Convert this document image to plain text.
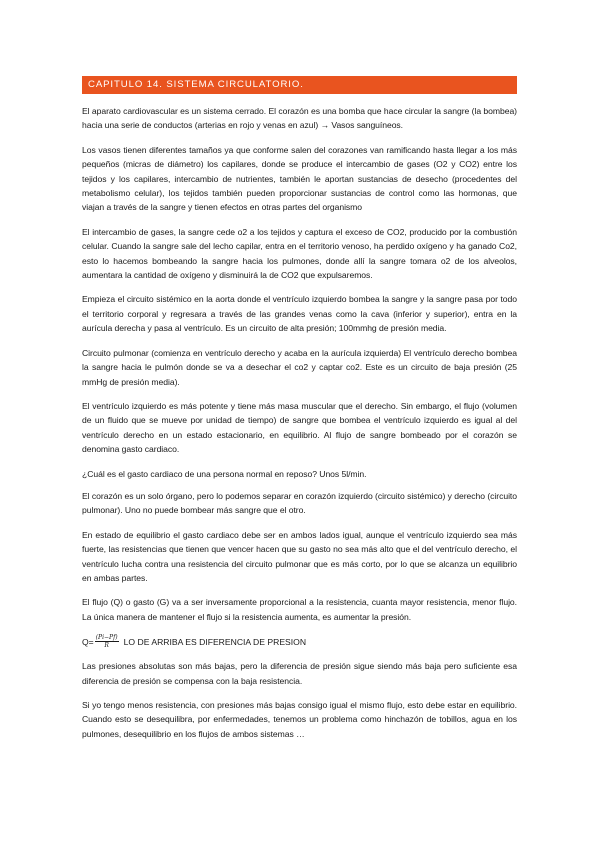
CAPITULO 14. SISTEMA CIRCULATORIO.

El aparato cardiovascular es un sistema cerrado. El corazón es una bomba que hace circular la sangre (la bombea) hacia una serie de conductos (arterias en rojo y venas en azul) → Vasos sanguíneos.

Los vasos tienen diferentes tamaños ya que conforme salen del corazones van ramificando hasta llegar a los más pequeños (micras de diámetro) los capilares, donde se produce el intercambio de gases (O2 y CO2) entre los tejidos y los capilares, intercambio de nutrientes, también le aportan sustancias de desecho (procedentes del metabolismo celular), los tejidos también pueden proporcionar sustancias de control como las hormonas, que viajan a través de la sangre y tienen efectos en otras partes del organismo

El intercambio de gases, la sangre cede o2 a los tejidos y captura el exceso de CO2, producido por la combustión celular. Cuando la sangre sale del lecho capilar, entra en el territorio venoso, ha perdido oxígeno y ha ganado Co2, esto lo hacemos bombeando la sangre hacia los pulmones, donde allí la sangre tomara o2 de los alveolos, aumentara la cantidad de oxígeno y disminuirá la de CO2 que expulsaremos.

Empieza el circuito sistémico en la aorta donde el ventrículo izquierdo bombea la sangre y la sangre pasa por todo el territorio corporal y regresara a través de las grandes venas como la cava (inferior y superior), entra en la aurícula derecha y pasa al ventrículo. Es un circuito de alta presión; 100mmhg de presión media.

Circuito pulmonar (comienza en ventrículo derecho y acaba en la aurícula izquierda) El ventrículo derecho bombea la sangre hacia le pulmón donde se va a desechar el co2 y captar co2. Este es un circuito de baja presión (25 mmHg de presión media).

El ventrículo izquierdo es más potente y tiene más masa muscular que el derecho. Sin embargo, el flujo (volumen de un fluido que se mueve por unidad de tiempo) de sangre que bombea el ventrículo izquierdo es igual al del ventrículo derecho en un estado estacionario, en equilibrio. Al flujo de sangre bombeado por el corazón se denomina gasto cardiaco.

¿Cuál es el gasto cardiaco de una persona normal en reposo? Unos 5l/min.

El corazón es un solo órgano, pero lo podemos separar en corazón izquierdo (circuito sistémico) y derecho (circuito pulmonar). Uno no puede bombear más sangre que el otro.

En estado de equilibrio el gasto cardiaco debe ser en ambos lados igual, aunque el ventrículo izquierdo sea más fuerte, las resistencias que tienen que vencer hacen que su gasto no sea más alto que el del ventrículo derecho, el ventrículo lucha contra una resistencia del circuito pulmonar que es más corto, por lo que se alcanza un equilibrio en ambas partes.

El flujo (Q) o gasto (G) va a ser inversamente proporcional a la resistencia, cuanta mayor resistencia, menor flujo. La única manera de mantener el flujo si la resistencia aumenta, es aumentar la presión.

$Q= \frac{(Pi-Pf)}{R}$ LO DE ARRIBA ES DIFERENCIA DE PRESION

Las presiones absolutas son más bajas, pero la diferencia de presión sigue siendo más baja pero suficiente esa diferencia de presión se compensa con la baja resistencia.

Si yo tengo menos resistencia, con presiones más bajas consigo igual el mismo flujo, esto debe estar en equilibrio. Cuando esto se desequilibra, por enfermedades, tenemos un problema como hinchazón de tobillos, agua en los pulmones, desequilibrio en los flujos de ambos sistemas …
